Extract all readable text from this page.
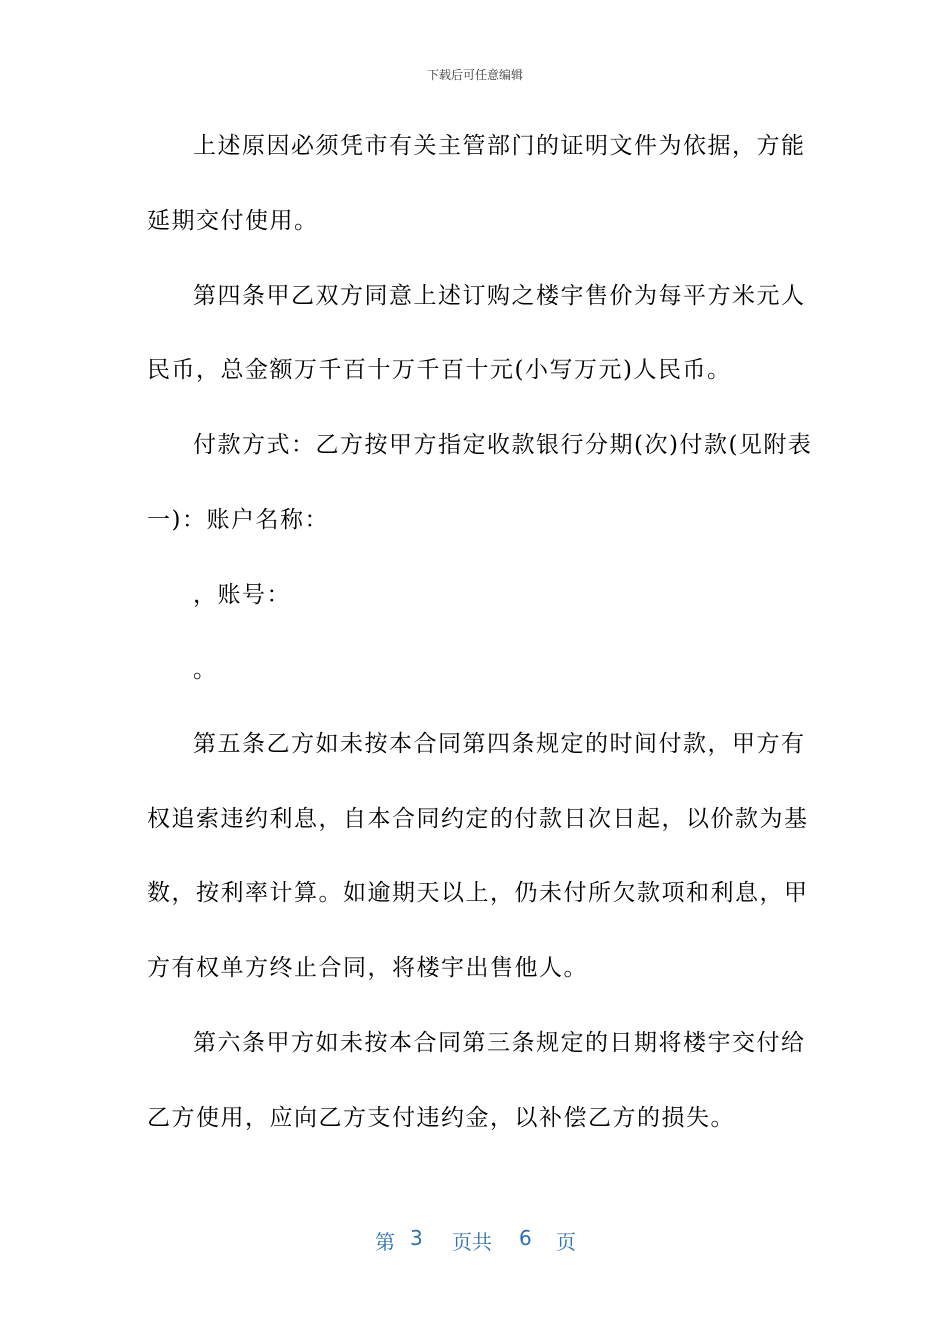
下载后可任意编辑
上述原因必须凭市有关主管部门的证明文件为依据，方能
延期交付使用。
第四条甲乙双方同意上述订购之楼宇售价为每平方米元人
民币，总金额万千百十万千百十元(小写万元)人民币。
付款方式：乙方按甲方指定收款银行分期(次)付款(见附表
一)：账户名称：
，账号：
。
第五条乙方如未按本合同第四条规定的时间付款，甲方有
权追索违约利息，自本合同约定的付款日次日起，以价款为基
数，按利率计算。如逾期天以上，仍未付所欠款项和利息，甲
方有权单方终止合同，将楼宇出售他人。
第六条甲方如未按本合同第三条规定的日期将楼宇交付给
乙方使用，应向乙方支付违约金，以补偿乙方的损失。
第 3 页共 6 页
